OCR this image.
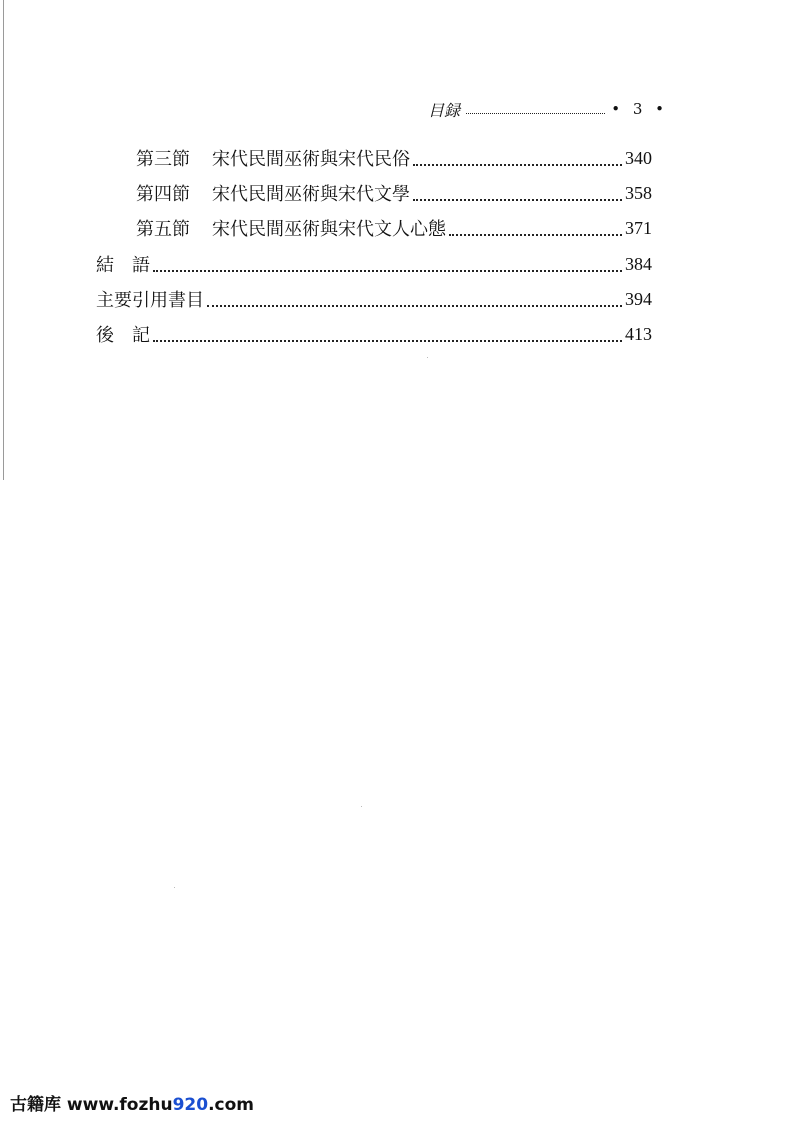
目録	• 3 •
第三節 宋代民間巫術與宋代民俗	340
第四節 宋代民間巫術與宋代文學	358
第五節 宋代民間巫術與宋代文人心態	371
結 語	384
主要引用書目	394
後 記	413
古籍库 www.fozhu920.com
